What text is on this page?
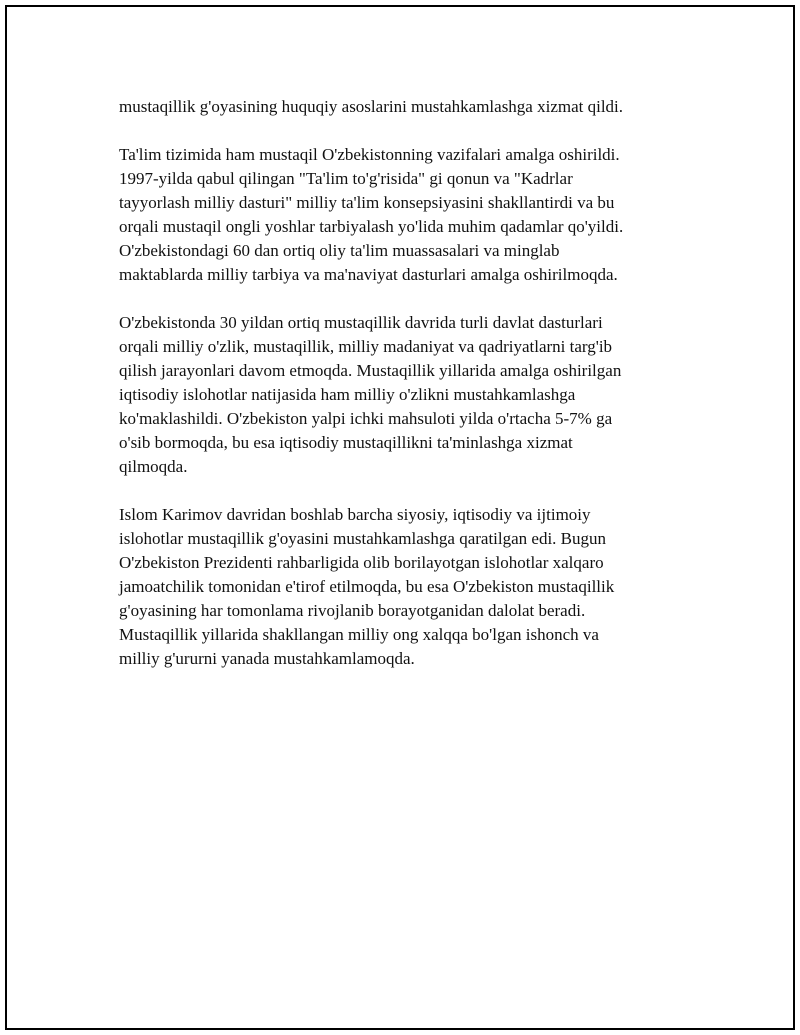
mustaqillik g'oyasining huquqiy asoslarini mustahkamlashga xizmat qildi.

Ta'lim tizimida ham mustaqil O'zbekistonning vazifalari amalga oshirildi.
1997-yilda qabul qilingan "Ta'lim to'g'risida" gi qonun va "Kadrlar
tayyorlash milliy dasturi" milliy ta'lim konsepsiyasini shakllantirdi va bu
orqali mustaqil ongli yoshlar tarbiyalash yo'lida muhim qadamlar qo'yildi.
O'zbekistondagi 60 dan ortiq oliy ta'lim muassasalari va minglab
maktablarda milliy tarbiya va ma'naviyat dasturlari amalga oshirilmoqda.

O'zbekistonda 30 yildan ortiq mustaqillik davrida turli davlat dasturlari
orqali milliy o'zlik, mustaqillik, milliy madaniyat va qadriyatlarni targ'ib
qilish jarayonlari davom etmoqda. Mustaqillik yillarida amalga oshirilgan
iqtisodiy islohotlar natijasida ham milliy o'zlikni mustahkamlashga
ko'maklashildi. O'zbekiston yalpi ichki mahsuloti yilda o'rtacha 5-7% ga
o'sib bormoqda, bu esa iqtisodiy mustaqillikni ta'minlashga xizmat
qilmoqda.

Islom Karimov davridan boshlab barcha siyosiy, iqtisodiy va ijtimoiy
islohotlar mustaqillik g'oyasini mustahkamlashga qaratilgan edi. Bugun
O'zbekiston Prezidenti rahbarligida olib borilayotgan islohotlar xalqaro
jamoatchilik tomonidan e'tirof etilmoqda, bu esa O'zbekiston mustaqillik
g'oyasining har tomonlama rivojlanib borayotganidan dalolat beradi.
Mustaqillik yillarida shakllangan milliy ong xalqqa bo'lgan ishonch va
milliy g'ururni yanada mustahkamlamoqda.
